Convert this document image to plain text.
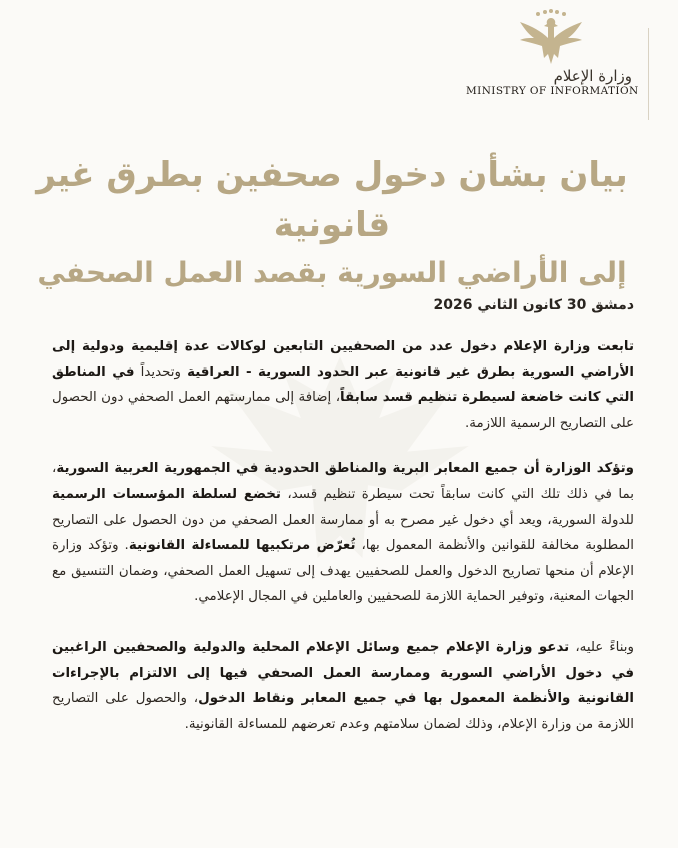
وزارة الإعلام
MINISTRY OF INFORMATION
بيان بشأن دخول صحفين بطرق غير قانونية
إلى الأراضي السورية بقصد العمل الصحفي
دمشق 30 كانون الثاني 2026

تابعت وزارة الإعلام دخول عدد من الصحفيين التابعين لوكالات عدة إقليمية ودولية إلى الأراضي السورية بطرق غير قانونية عبر الحدود السورية - العراقية وتحديداً في المناطق التي كانت خاضعة لسيطرة تنظيم قسد سابقاً، إضافة إلى ممارستهم العمل الصحفي دون الحصول على التصاريح الرسمية اللازمة.

وتؤكد الوزارة أن جميع المعابر البرية والمناطق الحدودية في الجمهورية العربية السورية، بما في ذلك تلك التي كانت سابقاً تحت سيطرة تنظيم قسد، تخضع لسلطة المؤسسات الرسمية للدولة السورية، ويعد أي دخول غير مصرح به أو ممارسة العمل الصحفي من دون الحصول على التصاريح المطلوبة مخالفة للقوانين والأنظمة المعمول بها، تُعرّض مرتكبيها للمساءلة القانونية. وتؤكد وزارة الإعلام أن منحها تصاريح الدخول والعمل للصحفيين يهدف إلى تسهيل العمل الصحفي، وضمان التنسيق مع الجهات المعنية، وتوفير الحماية اللازمة للصحفيين والعاملين في المجال الإعلامي.

وبناءً عليه، تدعو وزارة الإعلام جميع وسائل الإعلام المحلية والدولية والصحفيين الراغبين في دخول الأراضي السورية وممارسة العمل الصحفي فيها إلى الالتزام بالإجراءات القانونية والأنظمة المعمول بها في جميع المعابر ونقاط الدخول، والحصول على التصاريح اللازمة من وزارة الإعلام، وذلك لضمان سلامتهم وعدم تعرضهم للمساءلة القانونية.
